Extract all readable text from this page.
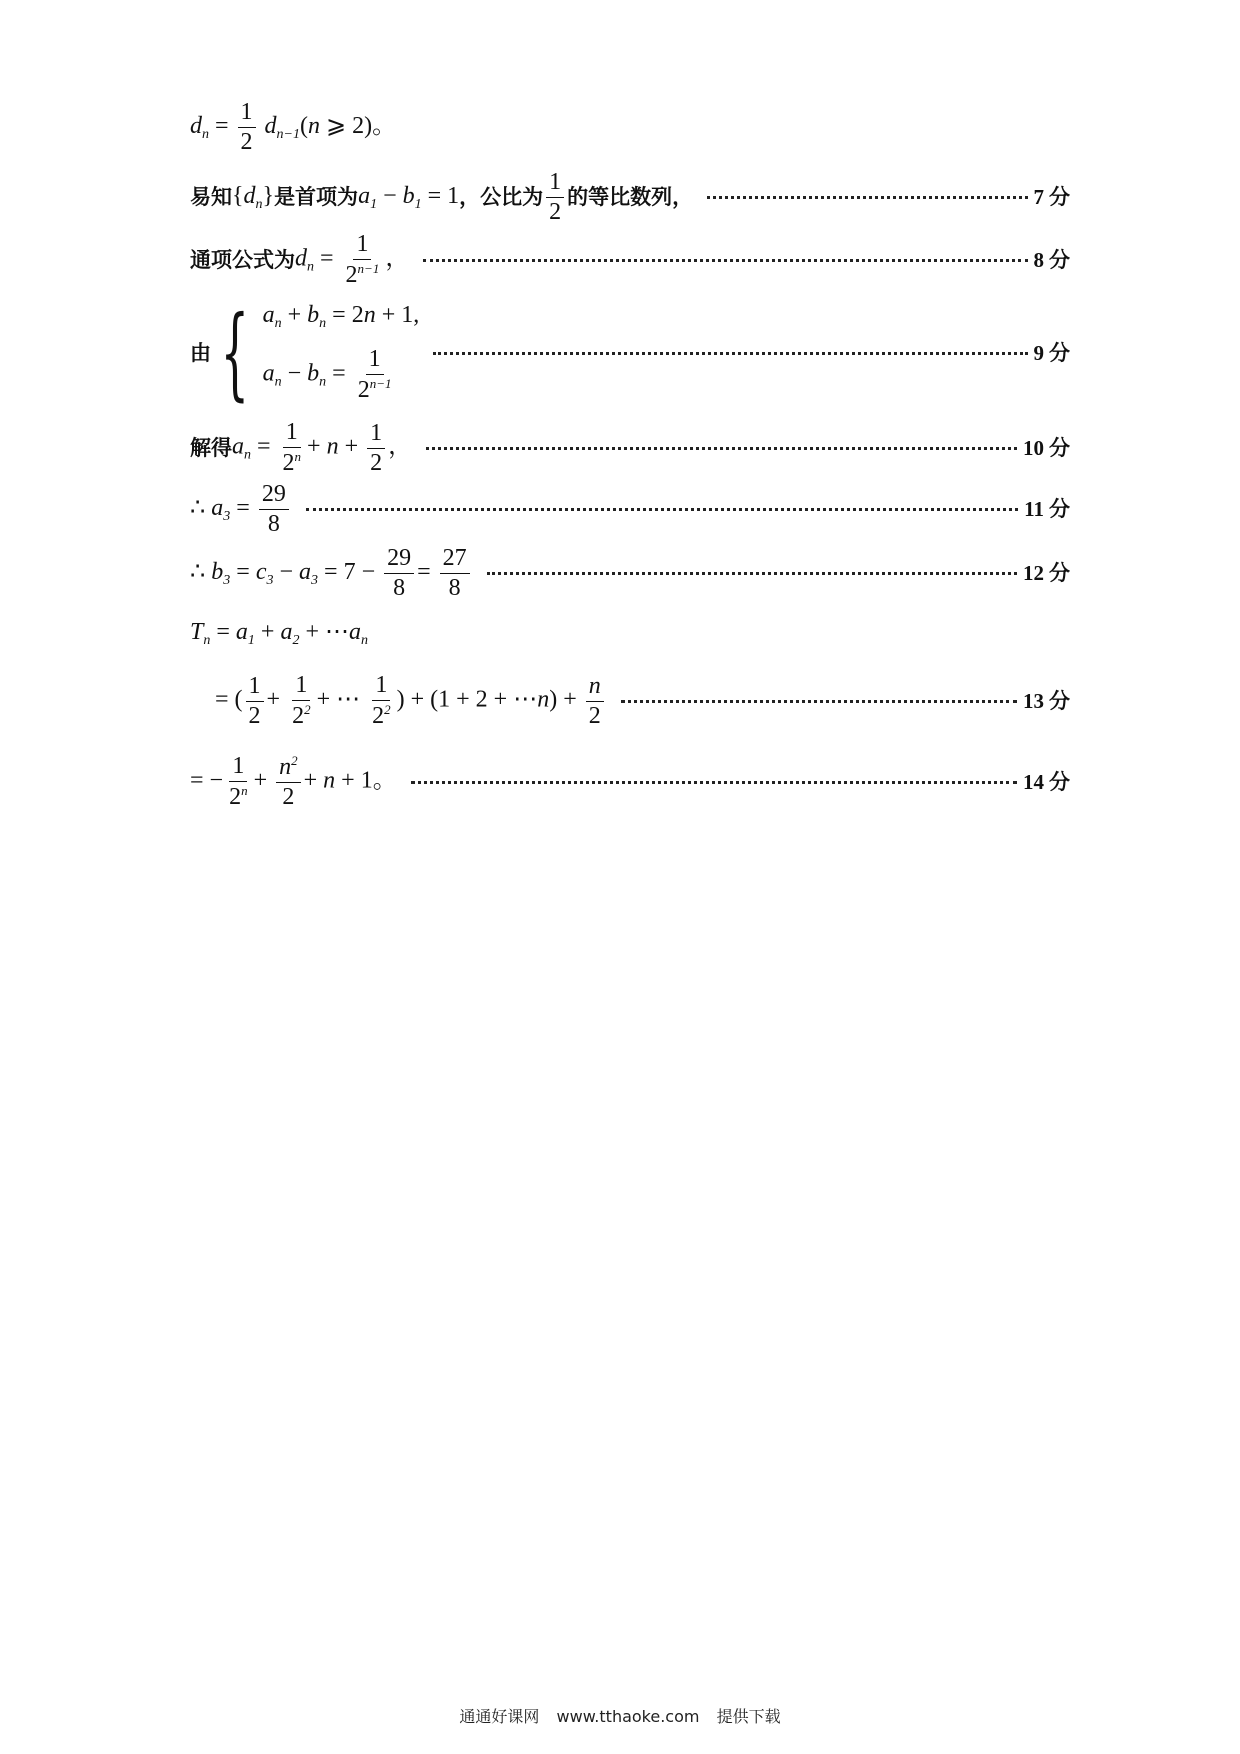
$d_n = \frac{1}{2} d_{n-1}(n$ ⩾ 2)。
易知 $\{d_n\}$ 是首项为 $a_1 - b_1 = 1$ ，公比为 $\frac{1}{2}$ 的等比数列，	7 分
通项公式为 $d_n = \frac{1}{2^{n-1}}$ ，	8 分
由 { $a_n + b_n = 2n + 1$,
$a_n - b_n = \frac{1}{2^{n-1}}$	9 分
解得 $a_n = \frac{1}{2^n} + n + \frac{1}{2}$ ，	10 分
∴ $a_3 = \frac{29}{8}$	11 分
∴ $b_3 = c_3 - a_3 = 7 - \frac{29}{8} = \frac{27}{8}$	12 分
$T_n = a_1 + a_2$ + $\cdots a_n$
= ( $\frac{1}{2} + \frac{1}{2^2}$ + ⋯ $\frac{1}{2^2}$ ) + (1 + 2 + ⋯n) + $\frac{n}{2}$	13 分
= − $\frac{1}{2^n} + \frac{n^2}{2} + n + 1$。	14 分
通通好课网 www.tthaoke.com 提供下载
